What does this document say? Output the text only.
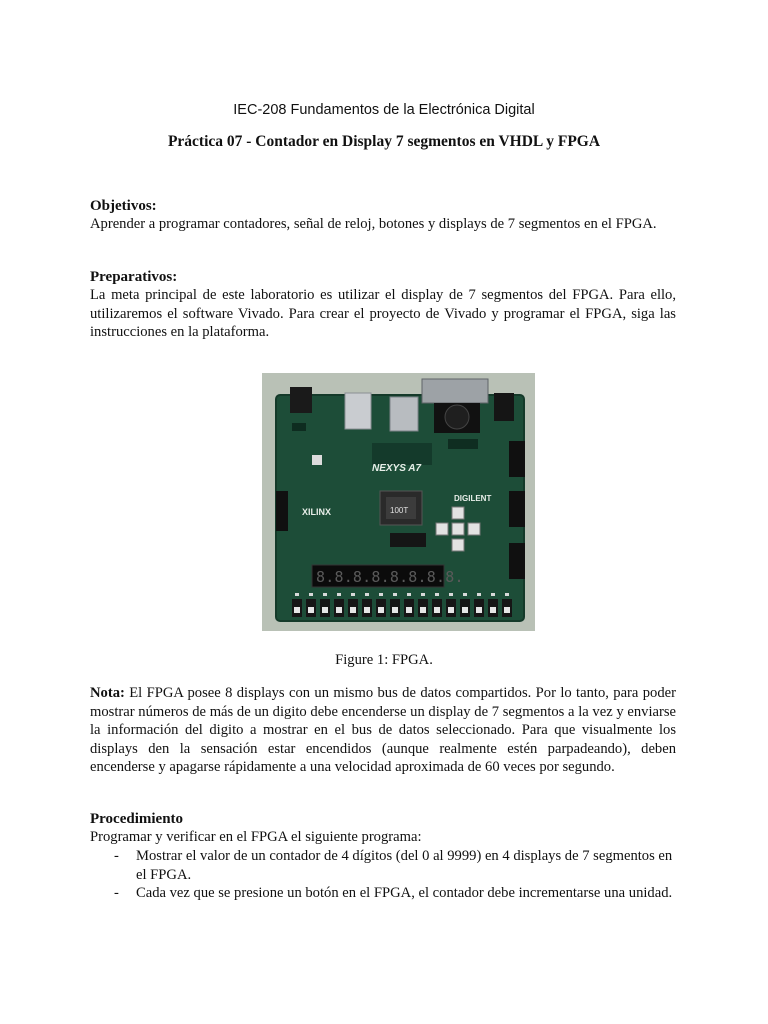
IEC-208 Fundamentos de la Electrónica Digital
Práctica 07 - Contador en Display 7 segmentos en VHDL y FPGA
Objetivos:
Aprender a programar contadores, señal de reloj, botones y displays de 7 segmentos en el FPGA.
Preparativos:
La meta principal de este laboratorio es utilizar el display de 7 segmentos del FPGA. Para ello, utilizaremos el software Vivado. Para crear el proyecto de Vivado y programar el FPGA, siga las instrucciones en la plataforma.
NEXYS A7
XILINX
DIGILENT
100T
8.8.8.8.8.8.8.8.
Figure 1: FPGA.
Nota: El FPGA posee 8 displays con un mismo bus de datos compartidos. Por lo tanto, para poder mostrar números de más de un digito debe encenderse un display de 7 segmentos a la vez y enviarse la información del digito a mostrar en el bus de datos seleccionado. Para que visualmente los displays den la sensación estar encendidos (aunque realmente estén parpadeando), deben encenderse y apagarse rápidamente a una velocidad aproximada de 60 veces por segundo.
Procedimiento
Programar y verificar en el FPGA el siguiente programa:
- Mostrar el valor de un contador de 4 dígitos (del 0 al 9999) en 4 displays de 7 segmentos en el FPGA.
- Cada vez que se presione un botón en el FPGA, el contador debe incrementarse una unidad.
